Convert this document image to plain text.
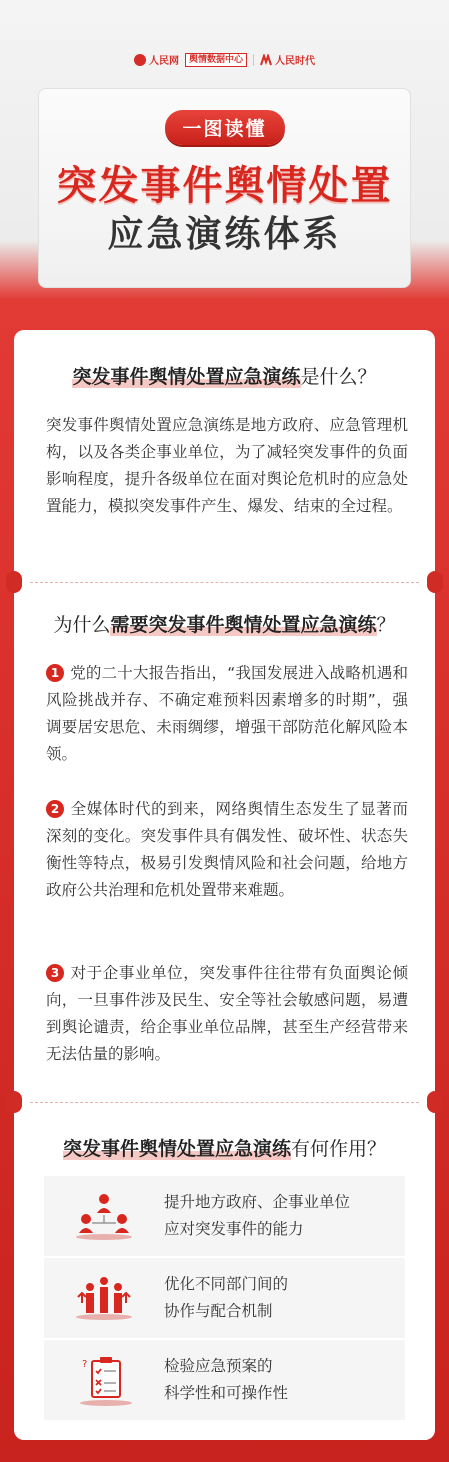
人民网	舆情数据中心	人民时代
一图读懂
突发事件舆情处置
应急演练体系
突发事件舆情处置应急演练是什么？
突发事件舆情处置应急演练是地方政府、应急管理机构，以及各类企事业单位，为了减轻突发事件的负面影响程度，提升各级单位在面对舆论危机时的应急处置能力，模拟突发事件产生、爆发、结束的全过程。
为什么需要突发事件舆情处置应急演练？
1 党的二十大报告指出，“我国发展进入战略机遇和风险挑战并存、不确定难预料因素增多的时期”，强调要居安思危、未雨绸缪，增强干部防范化解风险本领。
2 全媒体时代的到来，网络舆情生态发生了显著而深刻的变化。突发事件具有偶发性、破坏性、状态失衡性等特点，极易引发舆情风险和社会问题，给地方政府公共治理和危机处置带来难题。
3 对于企事业单位，突发事件往往带有负面舆论倾向，一旦事件涉及民生、安全等社会敏感问题，易遭到舆论谴责，给企事业单位品牌，甚至生产经营带来无法估量的影响。
突发事件舆情处置应急演练有何作用？
提升地方政府、企事业单位
应对突发事件的能力
优化不同部门间的
协作与配合机制
?	检验应急预案的
科学性和可操作性
